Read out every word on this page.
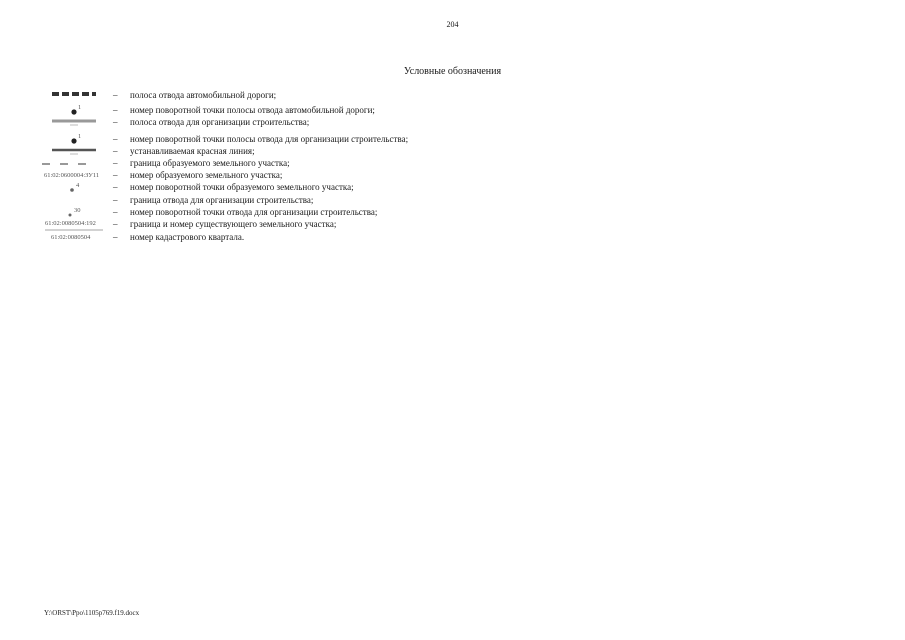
204
Условные обозначения
– полоса отвода автомобильной дороги;
1	– номер поворотной точки полосы отвода автомобильной дороги;
– полоса отвода для организации строительства;
1	– номер поворотной точки полосы отвода для организации строительства;
– устанавливаемая красная линия;
– граница образуемого земельного участка;
61:02:0600004:ЗУ11 – номер образуемого земельного участка;
4	– номер поворотной точки образуемого земельного участка;
– граница отвода для организации строительства;
30	– номер поворотной точки отвода для организации строительства;
61:02:0080504:192 – граница и номер существующего земельного участка;
61:02:0080504	– номер кадастрового квартала.
Y:\ORST\Ppo\1105p769.f19.docx
